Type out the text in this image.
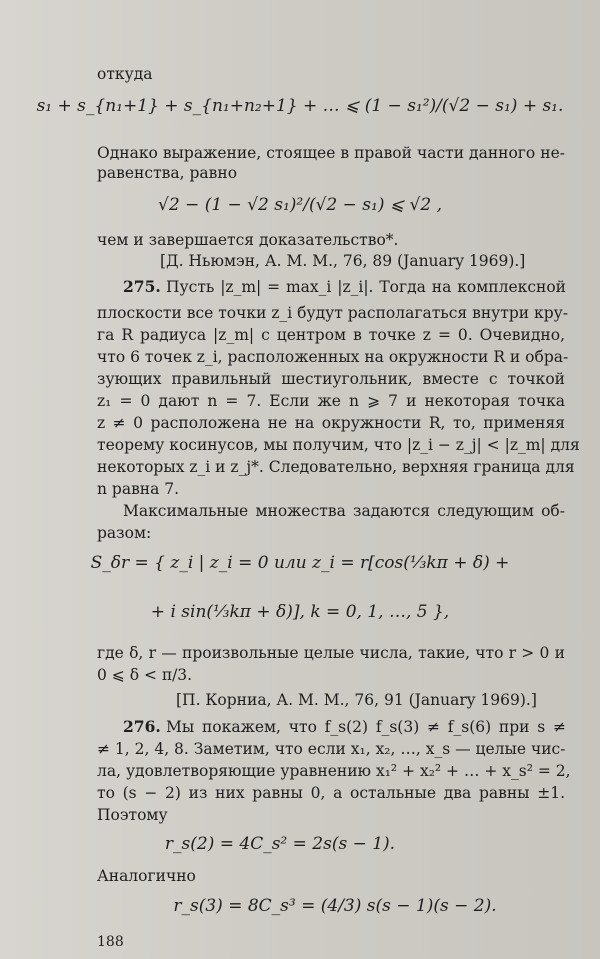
откуда
s₁ + s_{n₁+1} + s_{n₁+n₂+1} + … ⩽ (1 − s₁²)/(√2 − s₁) + s₁.
Однако выражение, стоящее в правой части данного не-
равенства, равно
√2 − (1 − √2 s₁)²/(√2 − s₁) ⩽ √2 ,
чем и завершается доказательство*.
[Д. Ньюмэн, А. М. М., 76, 89 (January 1969).]
275. Пусть |z_m| = max_i |z_i|. Тогда на комплексной
плоскости все точки z_i будут располагаться внутри кру-
га R радиуса |z_m| с центром в точке z = 0. Очевидно,
что 6 точек z_i, расположенных на окружности R и обра-
зующих правильный шестиугольник, вместе с точкой
z₁ = 0 дают n = 7. Если же n ⩾ 7 и некоторая точка
z ≠ 0 расположена не на окружности R, то, применяя
теорему косинусов, мы получим, что |z_i − z_j| < |z_m| для
некоторых z_i и z_j*. Следовательно, верхняя граница для
n равна 7.
Максимальные множества задаются следующим об-
разом:
S_δr = { z_i | z_i = 0 или z_i = r[cos(⅓kπ + δ) +
+ i sin(⅓kπ + δ)], k = 0, 1, …, 5 },
где δ, r — произвольные целые числа, такие, что r > 0 и
0 ⩽ δ < π/3.
[П. Корниа, А. М. М., 76, 91 (January 1969).]
276. Мы покажем, что f_s(2) f_s(3) ≠ f_s(6) при s ≠
≠ 1, 2, 4, 8. Заметим, что если x₁, x₂, …, x_s — целые чис-
ла, удовлетворяющие уравнению x₁² + x₂² + … + x_s² = 2,
то (s − 2) из них равны 0, а остальные два равны ±1.
Поэтому
r_s(2) = 4C_s² = 2s(s − 1).
Аналогично
r_s(3) = 8C_s³ = (4/3) s(s − 1)(s − 2).
188
